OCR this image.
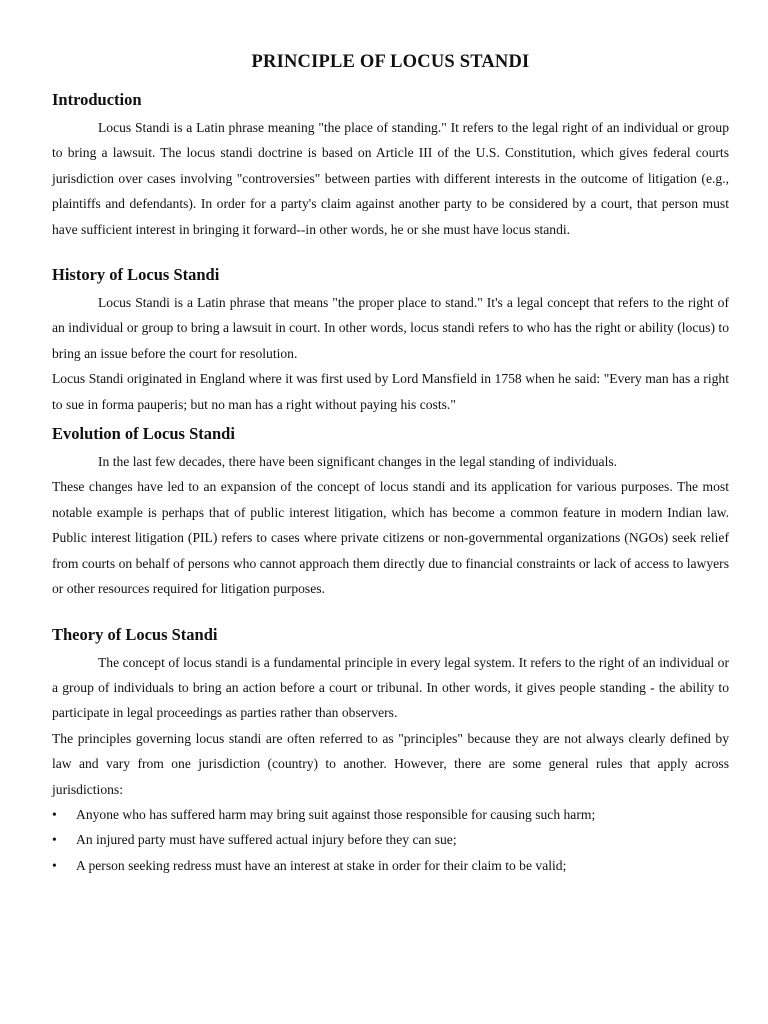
PRINCIPLE OF LOCUS STANDI
Introduction

Locus Standi is a Latin phrase meaning "the place of standing." It refers to the legal right of an individual or group to bring a lawsuit. The locus standi doctrine is based on Article III of the U.S. Constitution, which gives federal courts jurisdiction over cases involving "controversies" between parties with different interests in the outcome of litigation (e.g., plaintiffs and defendants). In order for a party's claim against another party to be considered by a court, that person must have sufficient interest in bringing it forward--in other words, he or she must have locus standi.

History of Locus Standi

Locus Standi is a Latin phrase that means "the proper place to stand." It's a legal concept that refers to the right of an individual or group to bring a lawsuit in court. In other words, locus standi refers to who has the right or ability (locus) to bring an issue before the court for resolution.

Locus Standi originated in England where it was first used by Lord Mansfield in 1758 when he said: "Every man has a right to sue in forma pauperis; but no man has a right without paying his costs."

Evolution of Locus Standi

In the last few decades, there have been significant changes in the legal standing of individuals.

These changes have led to an expansion of the concept of locus standi and its application for various purposes. The most notable example is perhaps that of public interest litigation, which has become a common feature in modern Indian law. Public interest litigation (PIL) refers to cases where private citizens or non-governmental organizations (NGOs) seek relief from courts on behalf of persons who cannot approach them directly due to financial constraints or lack of access to lawyers or other resources required for litigation purposes.

Theory of Locus Standi

The concept of locus standi is a fundamental principle in every legal system. It refers to the right of an individual or a group of individuals to bring an action before a court or tribunal. In other words, it gives people standing - the ability to participate in legal proceedings as parties rather than observers.

The principles governing locus standi are often referred to as "principles" because they are not always clearly defined by law and vary from one jurisdiction (country) to another. However, there are some general rules that apply across jurisdictions:

• Anyone who has suffered harm may bring suit against those responsible for causing such harm;
• An injured party must have suffered actual injury before they can sue;
• A person seeking redress must have an interest at stake in order for their claim to be valid;
